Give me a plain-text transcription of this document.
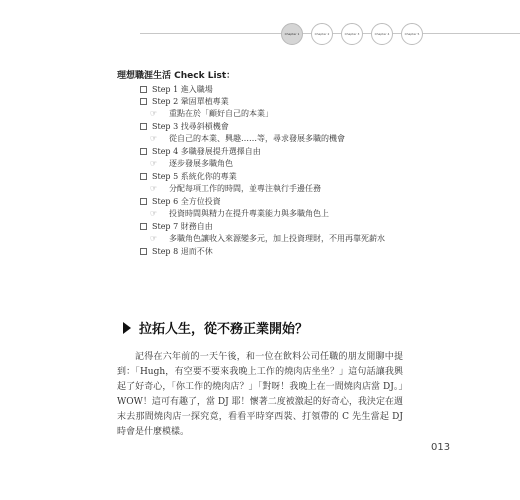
Chapter 1	Chapter 2	Chapter 3	Chapter 4	Chapter 5
理想職涯生活 Check List：
Step 1 進入職場
Step 2 鞏固單植專業
☞	重點在於「顧好自己的本業」
Step 3 找尋斜槓機會
☞	從自己的本業、興趣……等，尋求發展多職的機會
Step 4 多職發展提升選擇自由
☞	逐步發展多職角色
Step 5 系統化你的專業
☞	分配每項工作的時間，並專注執行手邊任務
Step 6 全方位投資
☞	投資時間與精力在提升專業能力與多職角色上
Step 7 財務自由
☞	多職角色讓收入來源變多元，加上投資理財，不用再靠死薪水
Step 8 退而不休
拉拓人生，從不務正業開始？

記得在六年前的一天午後，和一位在飲料公司任職的朋友閒聊中提到：「Hugh，有空要不要來我晚上工作的燒肉店坐坐？」這句話讓我興起了好奇心，「你工作的燒肉店？」「對呀！我晚上在一間燒肉店當 DJ。」WOW！這可有趣了，當 DJ 耶！懷著二度被激起的好奇心，我決定在週末去那間燒肉店一探究竟，看看平時穿西裝、打領帶的 C 先生當起 DJ 時會是什麼模樣。

013
